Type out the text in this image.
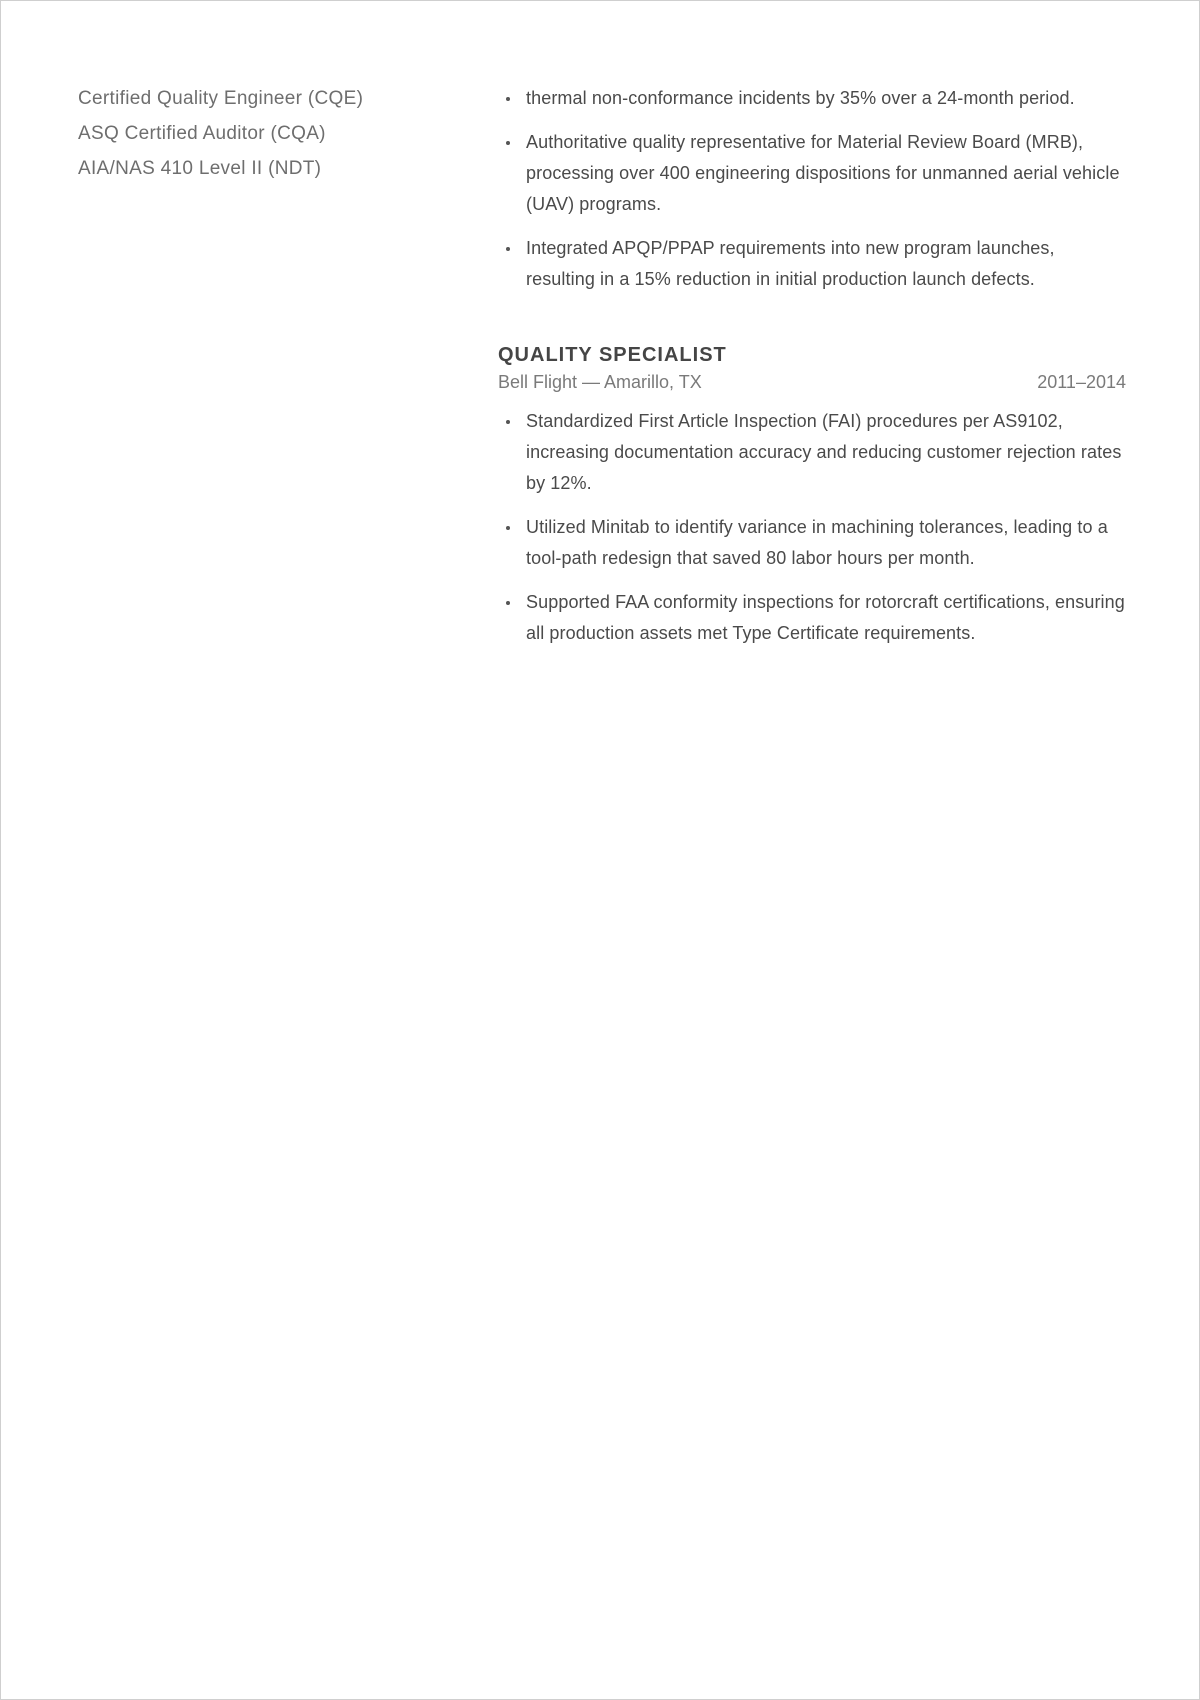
Certified Quality Engineer (CQE)
ASQ Certified Auditor (CQA)
AIA/NAS 410 Level II (NDT)
thermal non-conformance incidents by 35% over a 24-month period.
Authoritative quality representative for Material Review Board (MRB), processing over 400 engineering dispositions for unmanned aerial vehicle (UAV) programs.
Integrated APQP/PPAP requirements into new program launches, resulting in a 15% reduction in initial production launch defects.
QUALITY SPECIALIST
Bell Flight — Amarillo, TX	2011–2014
Standardized First Article Inspection (FAI) procedures per AS9102, increasing documentation accuracy and reducing customer rejection rates by 12%.
Utilized Minitab to identify variance in machining tolerances, leading to a tool-path redesign that saved 80 labor hours per month.
Supported FAA conformity inspections for rotorcraft certifications, ensuring all production assets met Type Certificate requirements.
